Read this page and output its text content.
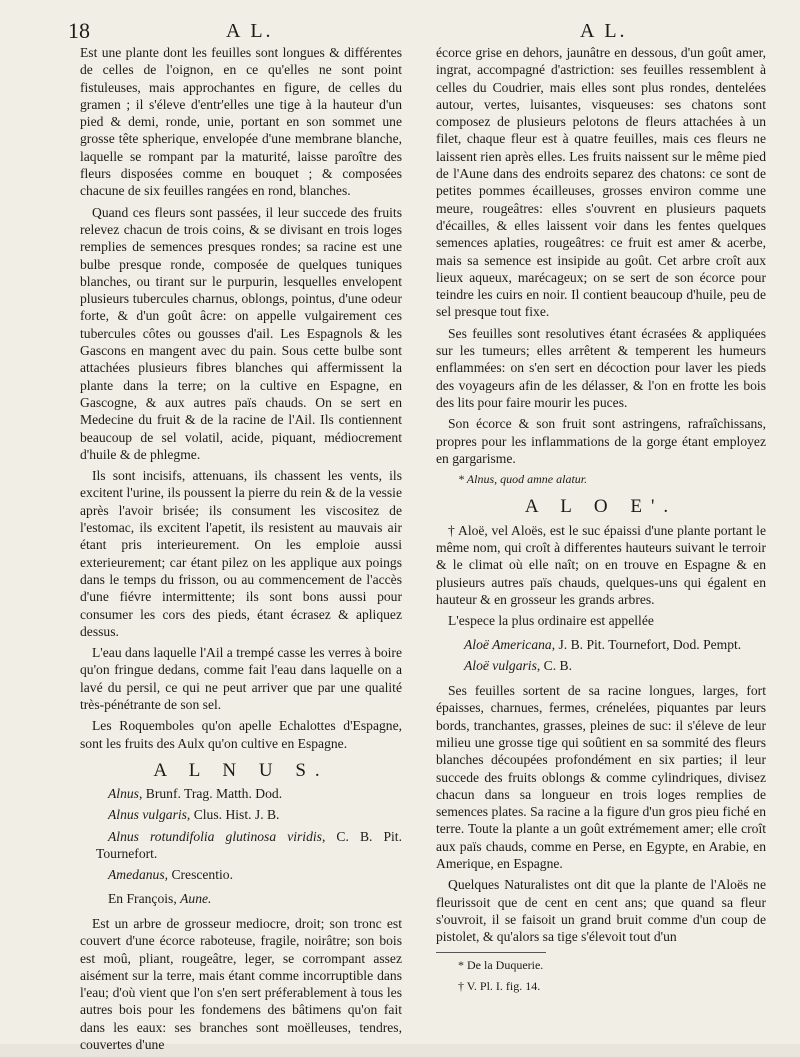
18	A L.	A L.

Est une plante dont les feuilles sont longues & différentes de celles de l'oignon, en ce qu'elles ne sont point fistuleuses, mais approchantes en figure, de celles du gramen ; il s'éleve d'entr'elles une tige à la hauteur d'un pied & demi, ronde, unie, portant en son sommet une grosse tête spherique, envelopée d'une membrane blanche, laquelle se rompant par la maturité, laisse paroître des fleurs disposées comme en bouquet ; & composées chacune de six feuilles rangées en rond, blanches.

Quand ces fleurs sont passées, il leur succede des fruits relevez chacun de trois coins, & se divisant en trois loges remplies de semences presques rondes; sa racine est une bulbe presque ronde, composée de quelques tuniques blanches, ou tirant sur le purpurin, lesquelles envelopent plusieurs tubercules charnus, oblongs, pointus, d'une odeur forte, & d'un goût âcre: on appelle vulgairement ces tubercules côtes ou gousses d'ail. Les Espagnols & les Gascons en mangent avec du pain. Sous cette bulbe sont attachées plusieurs fibres blanches qui affermissent la plante dans la terre; on la cultive en Espagne, en Gascogne, & aux autres païs chauds. On se sert en Medecine du fruit & de la racine de l'Ail. Ils contiennent beaucoup de sel volatil, acide, piquant, médiocrement d'huile & de phlegme.

Ils sont incisifs, attenuans, ils chassent les vents, ils excitent l'urine, ils poussent la pierre du rein & de la vessie après l'avoir brisée; ils consument les viscositez de l'estomac, ils excitent l'apetit, ils resistent au mauvais air étant pris interieurement. On les emploie aussi exterieurement; car étant pilez on les applique aux poings dans le temps du frisson, ou au commencement de l'accès d'une fiévre intermittente; ils sont bons aussi pour consumer les cors des pieds, étant écrasez & apliquez dessus.

L'eau dans laquelle l'Ail a trempé casse les verres à boire qu'on fringue dedans, comme fait l'eau dans laquelle on a lavé du persil, ce qui ne peut arriver que par une qualité très-pénétrante de son sel.

Les Roquemboles qu'on apelle Echalottes d'Espagne, sont les fruits des Aulx qu'on cultive en Espagne.

A L N U S.

Alnus, Brunf. Trag. Matth. Dod.

Alnus vulgaris, Clus. Hist. J. B.

Alnus rotundifolia glutinosa viridis, C. B. Pit. Tournefort.

Amedanus, Crescentio.

En François, Aune.

Est un arbre de grosseur mediocre, droit; son tronc est couvert d'une écorce raboteuse, fragile, noirâtre; son bois est moû, pliant, rougeâtre, leger, se corrompant assez aisément sur la terre, mais étant comme incorruptible dans l'eau; d'où vient que l'on s'en sert préferablement à tous les autres bois pour les fondemens des bâtimens qu'on fait dans les eaux: ses branches sont moëlleuses, tendres, couvertes d'une

écorce grise en dehors, jaunâtre en dessous, d'un goût amer, ingrat, accompagné d'astriction: ses feuilles ressemblent à celles du Coudrier, mais elles sont plus rondes, dentelées autour, vertes, luisantes, visqueuses: ses chatons sont composez de plusieurs pelotons de fleurs attachées à un filet, chaque fleur est à quatre feuilles, mais ces fleurs ne laissent rien après elles. Les fruits naissent sur le même pied de l'Aune dans des endroits separez des chatons: ce sont de petites pommes écailleuses, grosses environ comme une meure, rougeâtres: elles s'ouvrent en plusieurs paquets d'écailles, & elles laissent voir dans les fentes quelques semences aplaties, rougeâtres: ce fruit est amer & acerbe, mais sa semence est insipide au goût. Cet arbre croît aux lieux aqueux, marécageux; on se sert de son écorce pour teindre les cuirs en noir. Il contient beaucoup d'huile, peu de sel presque tout fixe.

Ses feuilles sont resolutives étant écrasées & appliquées sur les tumeurs; elles arrêtent & temperent les humeurs enflammées: on s'en sert en décoction pour laver les pieds des voyageurs afin de les délasser, & l'on en frotte les bois des lits pour faire mourir les puces.

Son écorce & son fruit sont astringens, rafraîchissans, propres pour les inflammations de la gorge étant employez en gargarisme.

* Alnus, quod amne alatur.

A L O E'.

† Aloë, vel Aloës, est le suc épaissi d'une plante portant le même nom, qui croît à differentes hauteurs suivant le terroir & le climat où elle naît; on en trouve en Espagne & en plusieurs autres païs chauds, quelques-uns qui égalent en hauteur & en grosseur les grands arbres.

L'espece la plus ordinaire est appellée

Aloë Americana, J. B. Pit. Tournefort, Dod. Pempt.

Aloë vulgaris, C. B.

Ses feuilles sortent de sa racine longues, larges, fort épaisses, charnues, fermes, crénelées, piquantes par leurs bords, tranchantes, grasses, pleines de suc: il s'éleve de leur milieu une grosse tige qui soûtient en sa sommité des fleurs blanches découpées profondément en six parties; il leur succede des fruits oblongs & comme cylindriques, divisez chacun dans sa longueur en trois loges remplies de semences plates. Sa racine a la figure d'un gros pieu fiché en terre. Toute la plante a un goût extrémement amer; elle croît aux païs chauds, comme en Perse, en Egypte, en Arabie, en Amerique, en Espagne.

Quelques Naturalistes ont dit que la plante de l'Aloës ne fleurissoit que de cent en cent ans; que quand sa fleur s'ouvroit, il se faisoit un grand bruit comme d'un coup de pistolet, & qu'alors sa tige s'élevoit tout d'un

* De la Duquerie.

† V. Pl. I. fig. 14.
